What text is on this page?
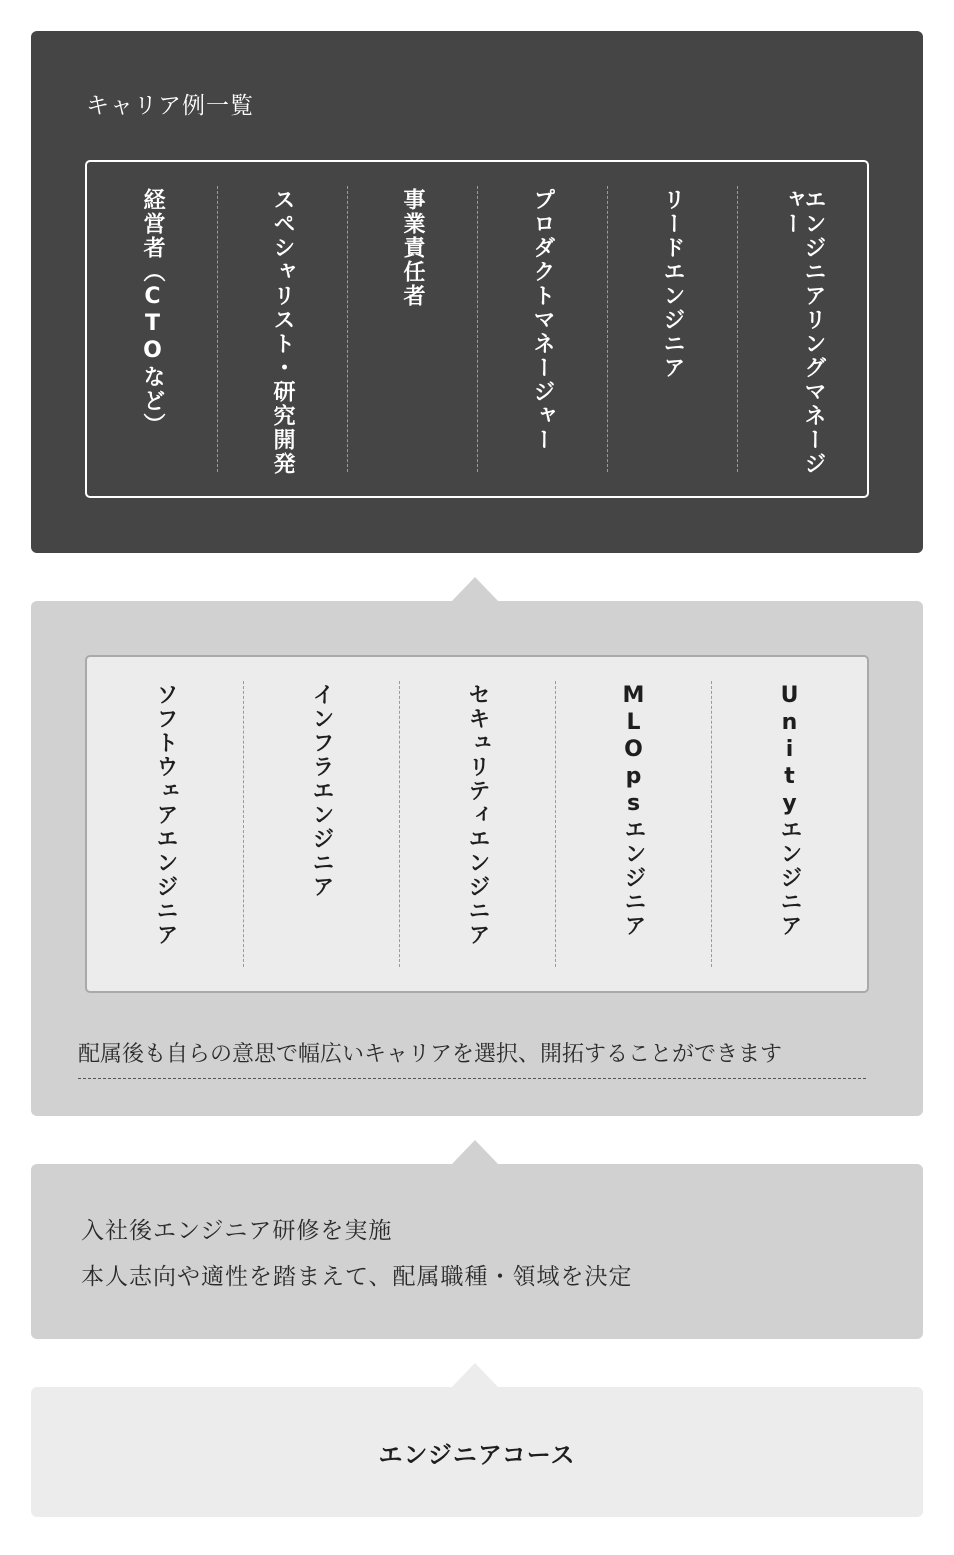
キャリア例一覧
経営者（CTOなど）	スペシャリスト・研究開発	事業責任者	プロダクトマネージャー	リードエンジニア	エンジニアリングマネージャー
ソフトウェアエンジニア	インフラエンジニア	セキュリティエンジニア	MLOpsエンジニア	Unityエンジニア
配属後も自らの意思で幅広いキャリアを選択、開拓することができます
入社後エンジニア研修を実施
本人志向や適性を踏まえて、配属職種・領域を決定
エンジニアコース
